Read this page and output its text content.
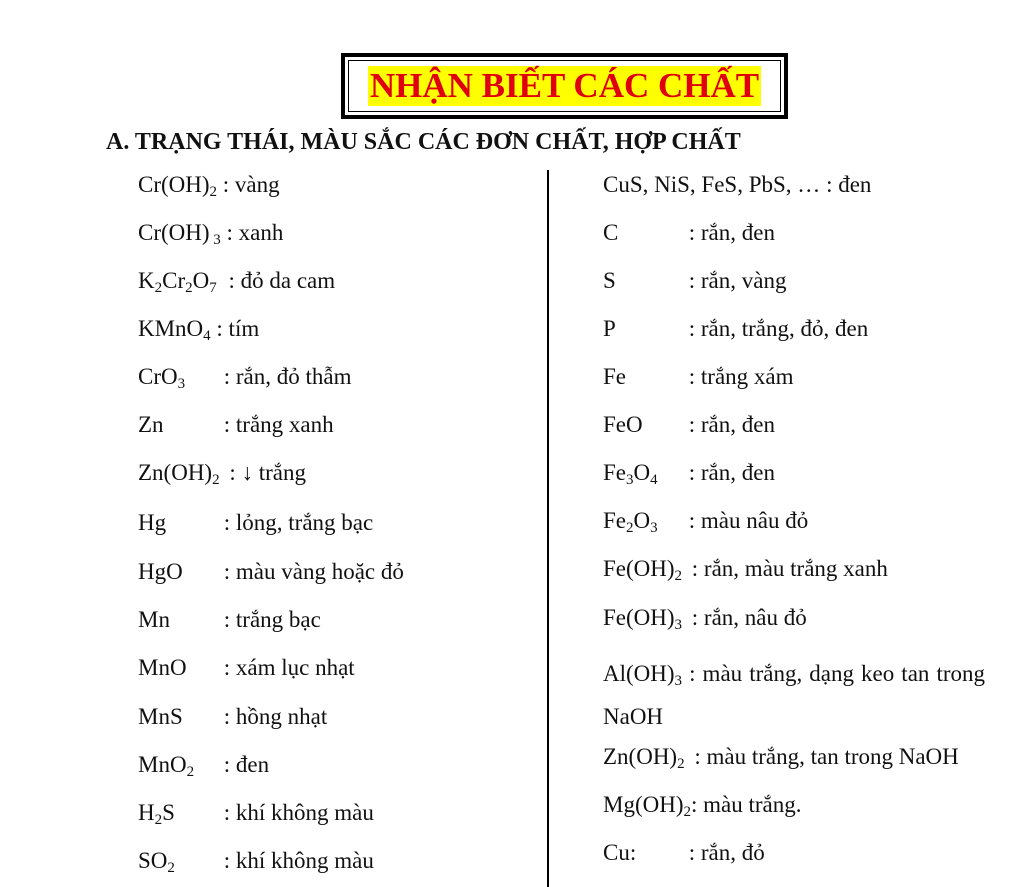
NHẬN BIẾT CÁC CHẤT
A. TRẠNG THÁI, MÀU SẮC CÁC ĐƠN CHẤT, HỢP CHẤT
$Cr(OH)_2$ : vàng
Cr(OH) $_3$ : xanh
$K_2Cr_2O_7$ : đỏ da cam
KMnO$_4$ : tím
CrO$_3$ : rắn, đỏ thẫm
Zn	: trắng xanh
$Zn(OH)_2$ : ↓ trắng
Hg	: lỏng, trắng bạc
HgO : màu vàng hoặc đỏ
Mn : trắng bạc
MnO : xám lục nhạt
MnS : hồng nhạt
MnO$_2$ : đen
$H_2S$ : khí không màu
$SO_2$ : khí không màu
CuS, NiS, FeS, PbS, … : đen
C	: rắn, đen
S	: rắn, vàng
P	: rắn, trắng, đỏ, đen
Fe	: trắng xám
FeO : rắn, đen
$Fe_3O_4$ : rắn, đen
$Fe_2O_3$ : màu nâu đỏ
$Fe(OH)_2$ : rắn, màu trắng xanh
$Fe(OH)_3$ : rắn, nâu đỏ
$Al(OH)_3$ : màu trắng, dạng keo tan trong NaOH
$Zn(OH)_2$ : màu trắng, tan trong NaOH
$Mg(OH)_2$: màu trắng.
Cu: : rắn, đỏ
